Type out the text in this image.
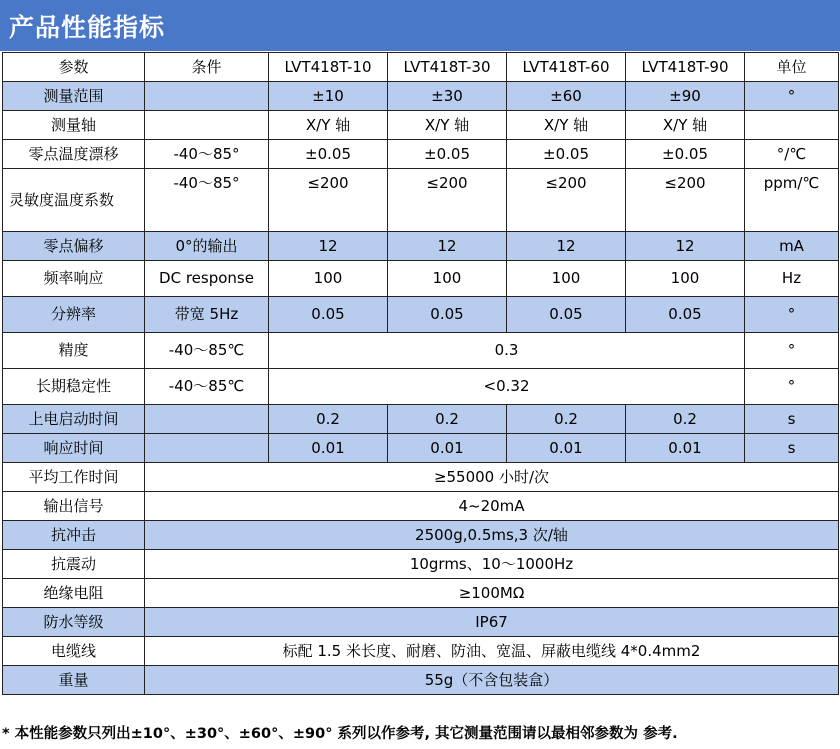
产品性能指标
参数	条件	LVT418T-10	LVT418T-30	LVT418T-60	LVT418T-90	单位
测量范围		±10	±30	±60	±90	°
测量轴		X/Y 轴	X/Y 轴	X/Y 轴	X/Y 轴	
零点温度漂移	-40～85°	±0.05	±0.05	±0.05	±0.05	°/℃
灵敏度温度系数	-40～85°	≤200	≤200	≤200	≤200	ppm/℃
零点偏移	0°的输出	12	12	12	12	mA
频率响应	DC response	100	100	100	100	Hz
分辨率	带宽 5Hz	0.05	0.05	0.05	0.05	°
精度	-40～85℃	0.3				°
长期稳定性	-40～85℃	<0.32				°
上电启动时间		0.2	0.2	0.2	0.2	s
响应时间		0.01	0.01	0.01	0.01	s
平均工作时间	≥55000 小时/次					
输出信号	4~20mA					
抗冲击	2500g,0.5ms,3 次/轴					
抗震动	10grms、10～1000Hz					
绝缘电阻	≥100MΩ					
防水等级	IP67					
电缆线	标配 1.5 米长度、耐磨、防油、宽温、屏蔽电缆线 4*0.4mm2					
重量	55g（不含包装盒）					
* 本性能参数只列出±10°、±30°、±60°、±90° 系列以作参考, 其它测量范围请以最相邻参数为 参考.
